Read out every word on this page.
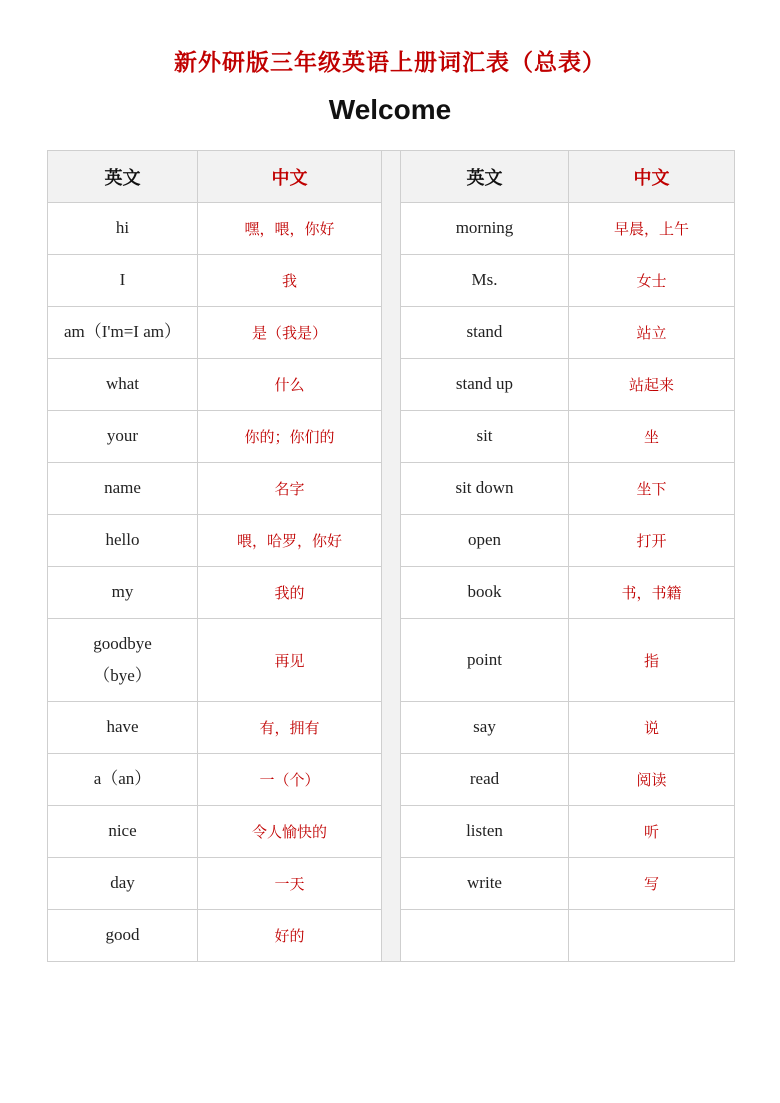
新外研版三年级英语上册词汇表（总表）
Welcome
英文	中文		英文	中文
hi	嘿，喂，你好		morning	早晨，上午
I	我		Ms.	女士
am（I'm=I am）	是（我是）		stand	站立
what	什么		stand up	站起来
your	你的；你们的		sit	坐
name	名字		sit down	坐下
hello	喂，哈罗，你好		open	打开
my	我的		book	书，书籍

goodbye
（bye）	再见		point	指
have	有，拥有		say	说
a（an）	一（个）		read	阅读
nice	令人愉快的		listen	听
day	一天		write	写
good	好的			
